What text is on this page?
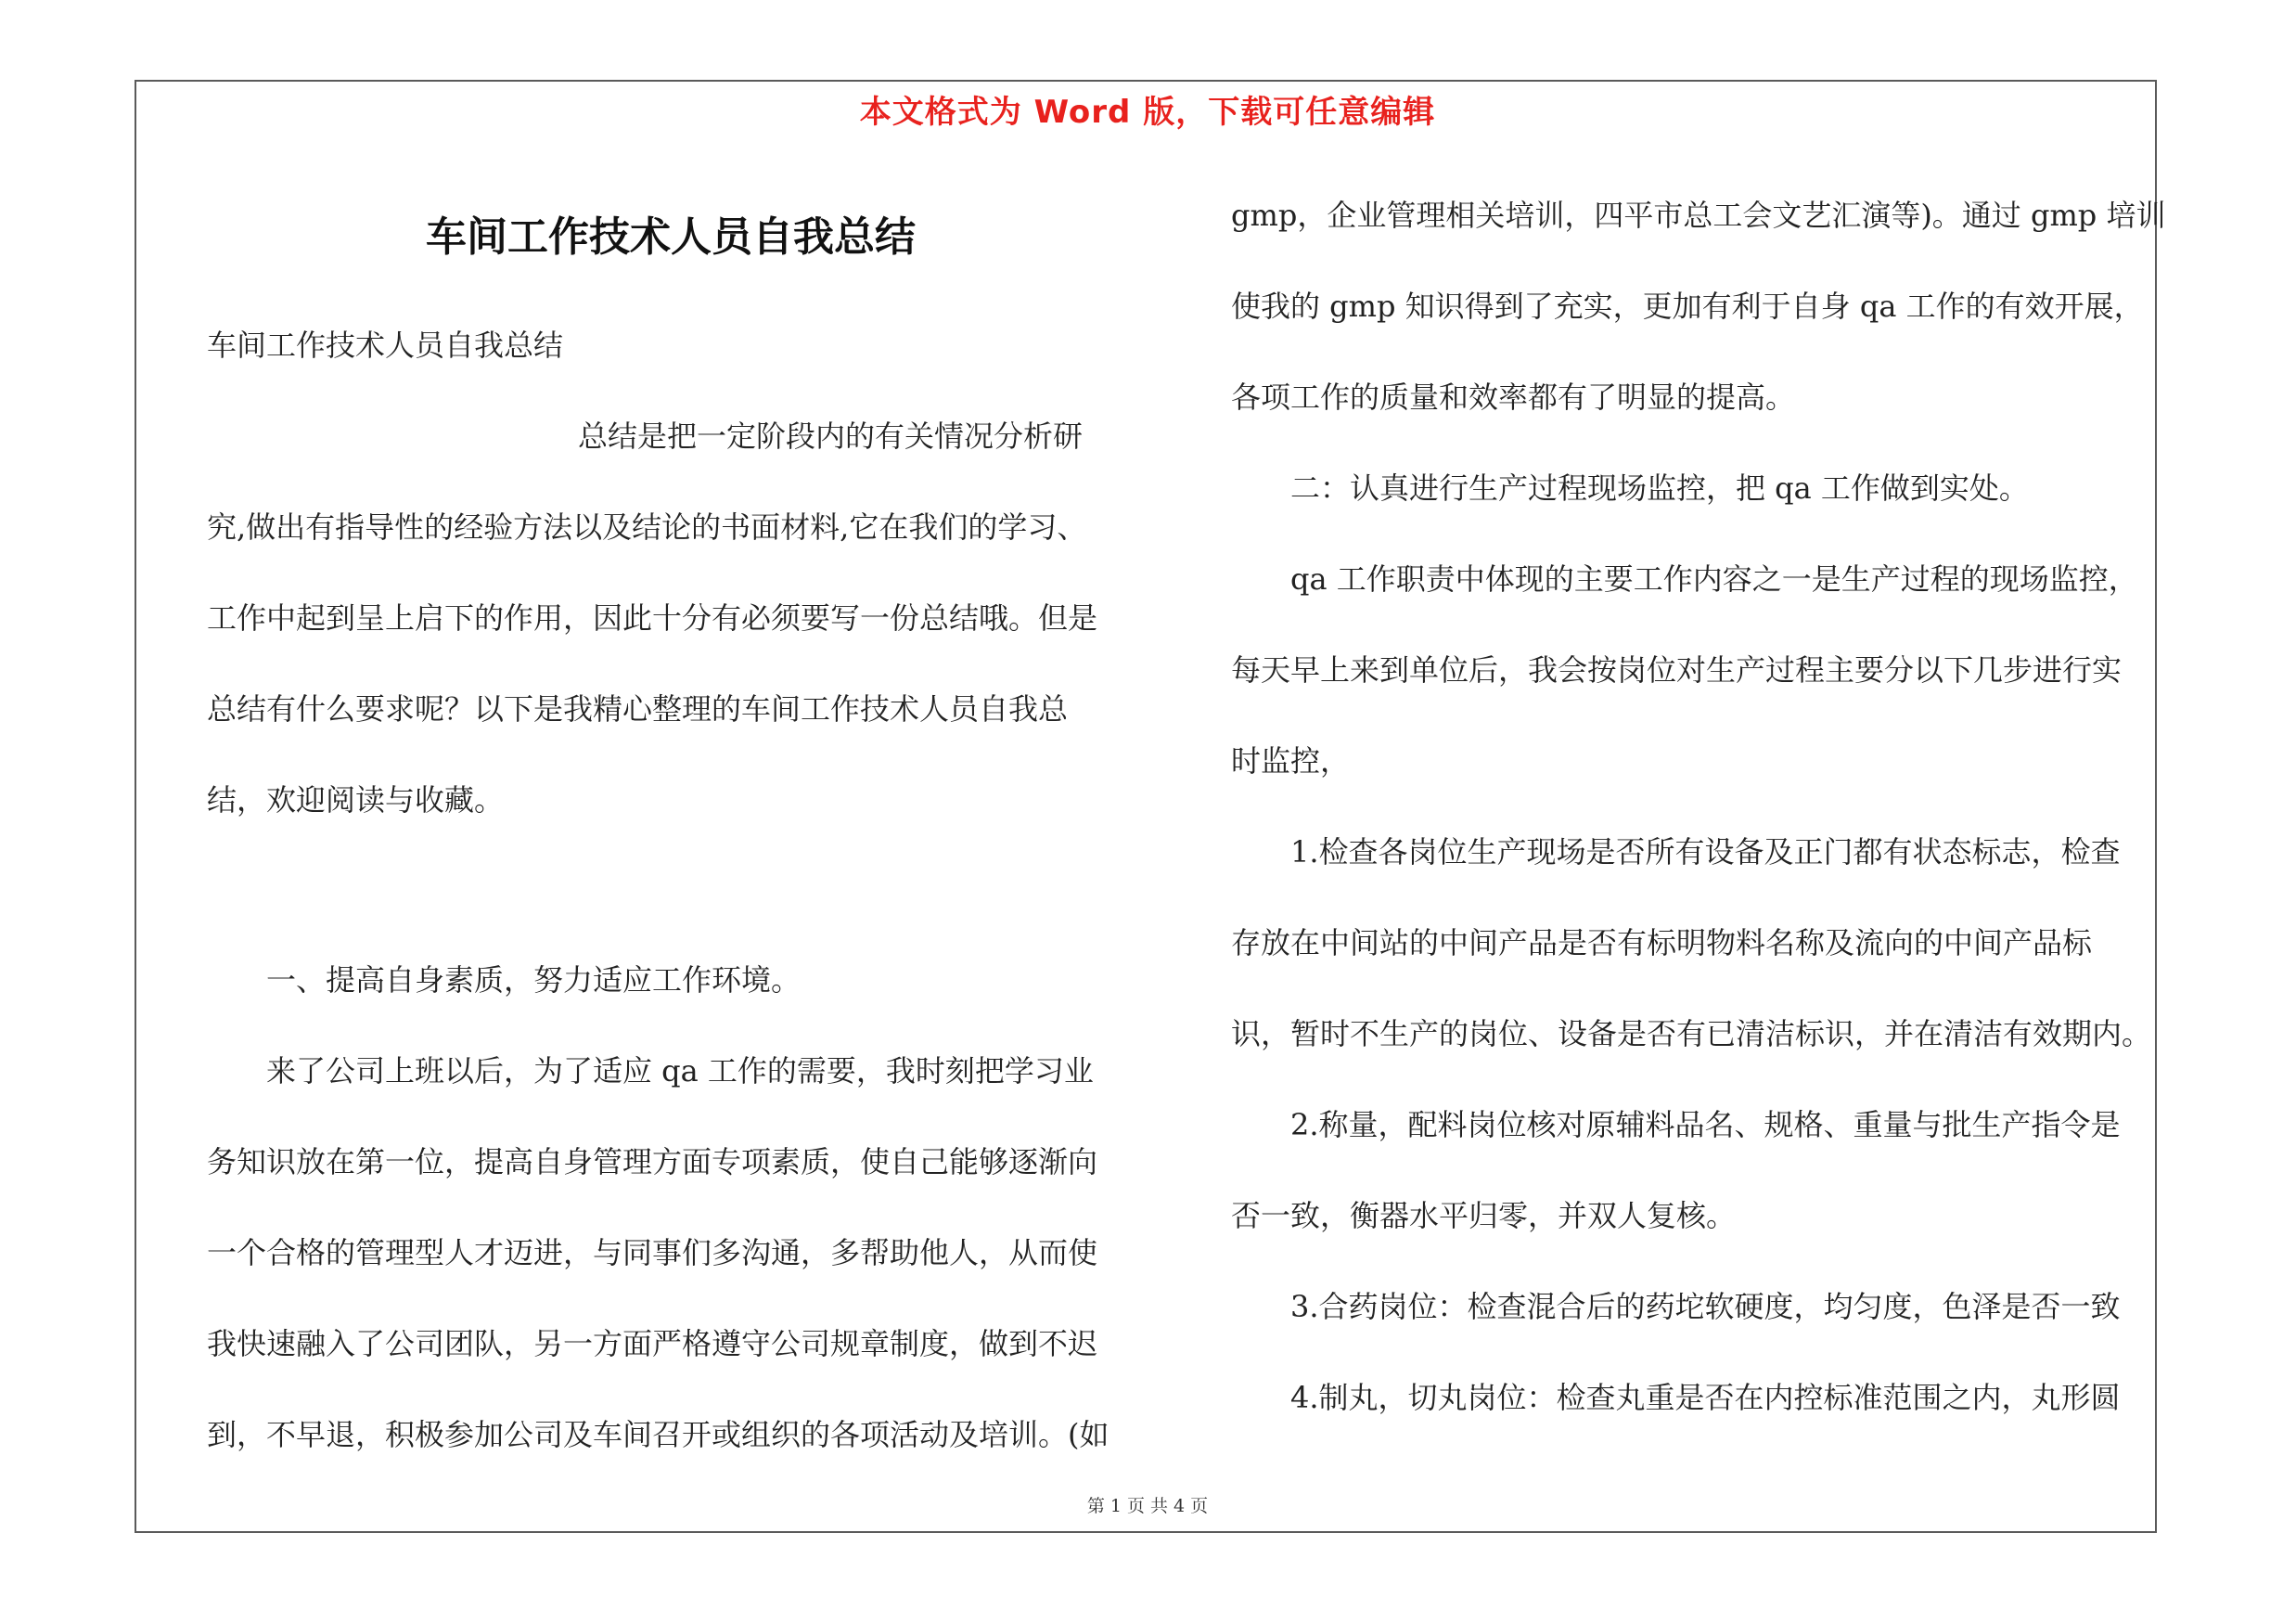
本文格式为 Word 版，下载可任意编辑
车间工作技术人员自我总结
车间工作技术人员自我总结
总结是把一定阶段内的有关情况分析研
究,做出有指导性的经验方法以及结论的书面材料,它在我们的学习、
工作中起到呈上启下的作用，因此十分有必须要写一份总结哦。但是
总结有什么要求呢？以下是我精心整理的车间工作技术人员自我总
结，欢迎阅读与收藏。
一、提高自身素质，努力适应工作环境。
来了公司上班以后，为了适应 qa 工作的需要，我时刻把学习业
务知识放在第一位，提高自身管理方面专项素质，使自己能够逐渐向
一个合格的管理型人才迈进，与同事们多沟通，多帮助他人，从而使
我快速融入了公司团队，另一方面严格遵守公司规章制度，做到不迟
到，不早退，积极参加公司及车间召开或组织的各项活动及培训。(如
gmp，企业管理相关培训，四平市总工会文艺汇演等)。通过 gmp 培训
使我的 gmp 知识得到了充实，更加有利于自身 qa 工作的有效开展，
各项工作的质量和效率都有了明显的提高。
二：认真进行生产过程现场监控，把 qa 工作做到实处。
qa 工作职责中体现的主要工作内容之一是生产过程的现场监控，
每天早上来到单位后，我会按岗位对生产过程主要分以下几步进行实
时监控，
1.检查各岗位生产现场是否所有设备及正门都有状态标志，检查
存放在中间站的中间产品是否有标明物料名称及流向的中间产品标
识，暂时不生产的岗位、设备是否有已清洁标识，并在清洁有效期内。
2.称量，配料岗位核对原辅料品名、规格、重量与批生产指令是
否一致，衡器水平归零，并双人复核。
3.合药岗位：检查混合后的药坨软硬度，均匀度，色泽是否一致
4.制丸，切丸岗位：检查丸重是否在内控标准范围之内，丸形圆
第 1 页 共 4 页
